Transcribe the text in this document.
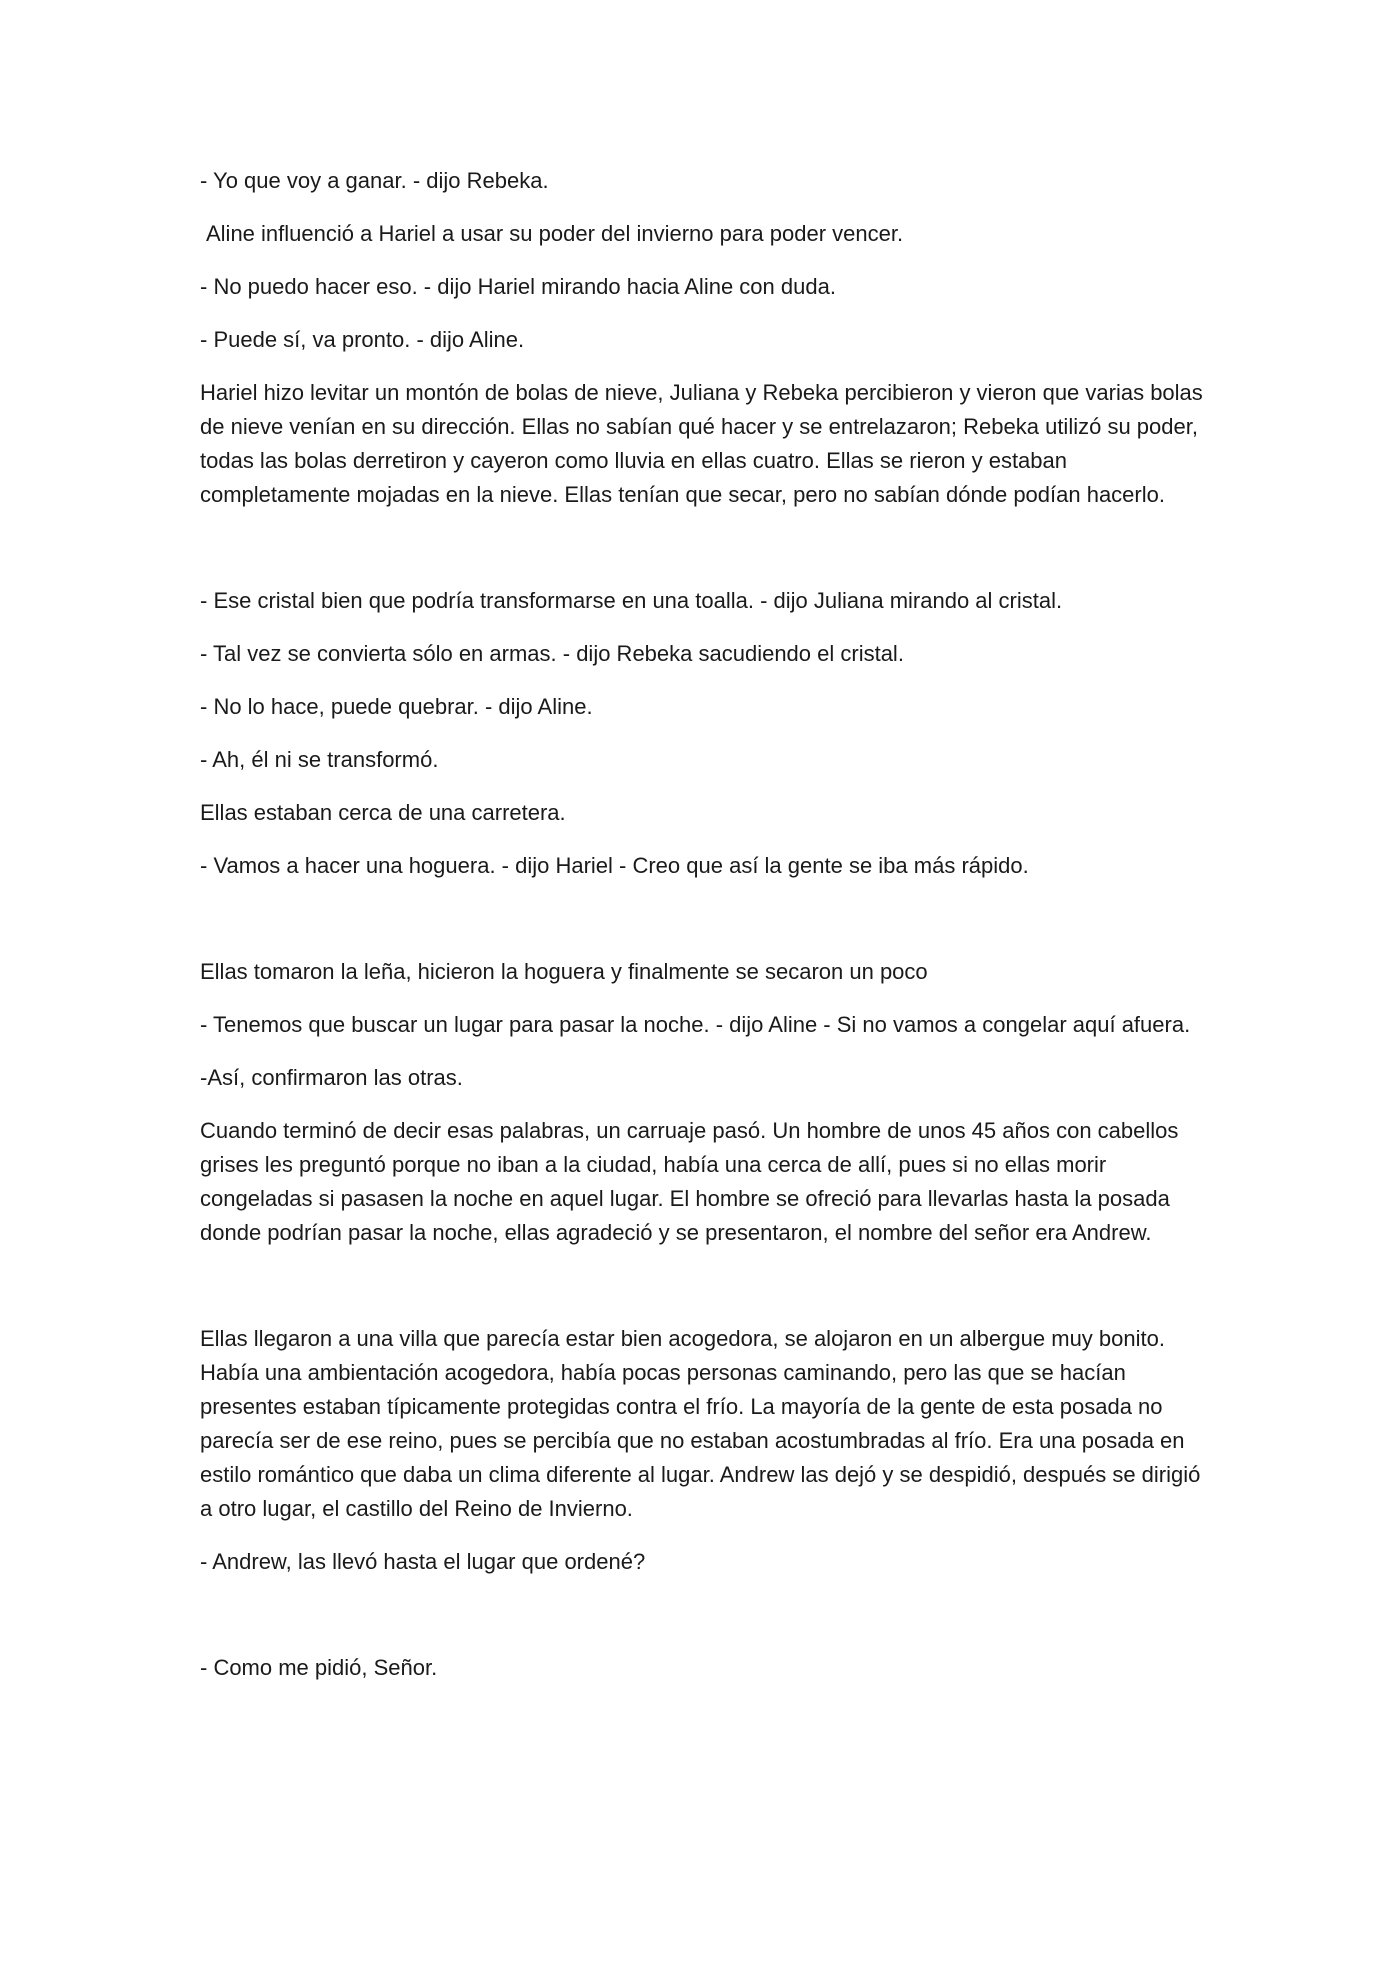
- Yo que voy a ganar. - dijo Rebeka.

Aline influenció a Hariel a usar su poder del invierno para poder vencer.

- No puedo hacer eso. - dijo Hariel mirando hacia Aline con duda.

- Puede sí, va pronto. - dijo Aline.

Hariel hizo levitar un montón de bolas de nieve, Juliana y Rebeka percibieron y vieron que varias bolas de nieve venían en su dirección. Ellas no sabían qué hacer y se entrelazaron; Rebeka utilizó su poder, todas las bolas derretiron y cayeron como lluvia en ellas cuatro. Ellas se rieron y estaban completamente mojadas en la nieve. Ellas tenían que secar, pero no sabían dónde podían hacerlo.

- Ese cristal bien que podría transformarse en una toalla. - dijo Juliana mirando al cristal.

- Tal vez se convierta sólo en armas. - dijo Rebeka sacudiendo el cristal.

- No lo hace, puede quebrar. - dijo Aline.

- Ah, él ni se transformó.

Ellas estaban cerca de una carretera.

- Vamos a hacer una hoguera. - dijo Hariel - Creo que así la gente se iba más rápido.

Ellas tomaron la leña, hicieron la hoguera y finalmente se secaron un poco

- Tenemos que buscar un lugar para pasar la noche. - dijo Aline - Si no vamos a congelar aquí afuera.

-Así, confirmaron las otras.

Cuando terminó de decir esas palabras, un carruaje pasó. Un hombre de unos 45 años con cabellos grises les preguntó porque no iban a la ciudad, había una cerca de allí, pues si no ellas morir congeladas si pasasen la noche en aquel lugar. El hombre se ofreció para llevarlas hasta la posada donde podrían pasar la noche, ellas agradeció y se presentaron, el nombre del señor era Andrew.

Ellas llegaron a una villa que parecía estar bien acogedora, se alojaron en un albergue muy bonito. Había una ambientación acogedora, había pocas personas caminando, pero las que se hacían presentes estaban típicamente protegidas contra el frío. La mayoría de la gente de esta posada no parecía ser de ese reino, pues se percibía que no estaban acostumbradas al frío. Era una posada en estilo romántico que daba un clima diferente al lugar. Andrew las dejó y se despidió, después se dirigió a otro lugar, el castillo del Reino de Invierno.

- Andrew, las llevó hasta el lugar que ordené?

- Como me pidió, Señor.
